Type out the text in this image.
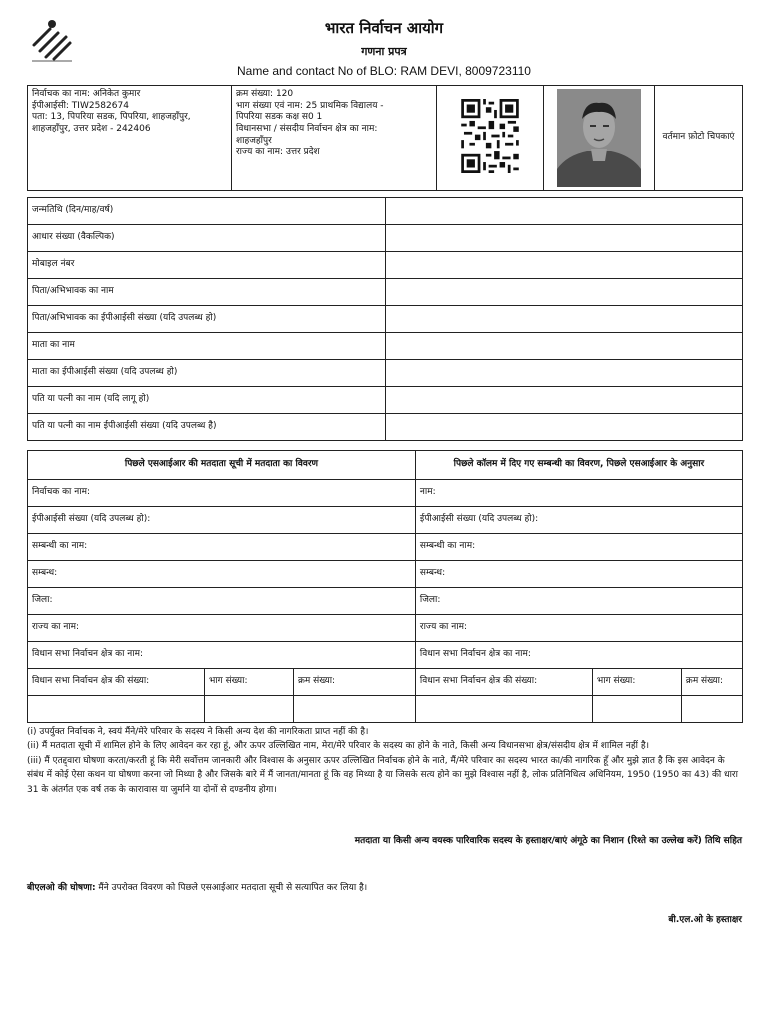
भारत निर्वाचन आयोग
गणना प्रपत्र
Name and contact No of BLO: RAM DEVI, 8009723110
निर्वाचक का नाम: अनिकेत कुमार
ईपीआईसी: TIW2582674
पता: 13, पिपरिया सडक, पिपरिया, शाहजहाँपुर,
शाहजहाँपुर, उत्तर प्रदेश - 242406

क्रम संख्या: 120
भाग संख्या एवं नाम: 25 प्राथमिक विद्यालय -
पिपरिया सडक कक्ष स0 1
विधानसभा / संसदीय निर्वाचन क्षेत्र का नाम:
शाहजहाँपुर
राज्य का नाम: उत्तर प्रदेश

	वर्तमान फ़ोटो चिपकाएं
जन्मतिथि (दिन/माह/वर्ष)	
आधार संख्या (वैकल्पिक)	
मोबाइल नंबर	
पिता/अभिभावक का नाम	
पिता/अभिभावक का ईपीआईसी संख्या (यदि उपलब्ध हो)	
माता का नाम	
माता का ईपीआईसी संख्या (यदि उपलब्ध हो)	
पति या पत्नी का नाम (यदि लागू हो)	
पति या पत्नी का नाम ईपीआईसी संख्या (यदि उपलब्ध है)	
पिछले एसआईआर की मतदाता सूची में मतदाता का विवरण			पिछले कॉलम में दिए गए सम्बन्धी का विवरण, पिछले एसआईआर के अनुसार		
निर्वाचक का नाम:			नाम:		
ईपीआईसी संख्या (यदि उपलब्ध हो):			ईपीआईसी संख्या (यदि उपलब्ध हो):		
सम्बन्धी का नाम:			सम्बन्धी का नाम:		
सम्बन्ध:			सम्बन्ध:		
जिला:			जिला:		
राज्य का नाम:			राज्य का नाम:		
विधान सभा निर्वाचन क्षेत्र का नाम:			विधान सभा निर्वाचन क्षेत्र का नाम:		
विधान सभा निर्वाचन क्षेत्र की संख्या:	भाग संख्या:	क्रम संख्या:	विधान सभा निर्वाचन क्षेत्र की संख्या:	भाग संख्या:	क्रम संख्या:

(i) उपर्युक्त निर्वाचक ने, स्वयं मैंने/मेरे परिवार के सदस्य ने किसी अन्य देश की नागरिकता प्राप्त नहीं की है।

(ii) मैं मतदाता सूची में शामिल होने के लिए आवेदन कर रहा हूं, और ऊपर उल्लिखित नाम, मेरा/मेरे परिवार के सदस्य का होने के नाते, किसी अन्य विधानसभा क्षेत्र/संसदीय क्षेत्र में शामिल नहीं है।

(iii) मैं एतद्द्वारा घोषणा करता/करती हूं कि मेरी सर्वोत्तम जानकारी और विश्वास के अनुसार ऊपर उल्लिखित निर्वाचक होने के नाते, मैं/मेरे परिवार का सदस्य भारत का/की नागरिक हूँ और मुझे ज्ञात है कि इस आवेदन के संबंध में कोई ऐसा कथन या घोषणा करना जो मिथ्या है और जिसके बारे में मैं जानता/मानता हूं कि वह मिथ्या है या जिसके सत्य होने का मुझे विश्वास नहीं है, लोक प्रतिनिधित्व अधिनियम, 1950 (1950 का 43) की धारा 31 के अंतर्गत एक वर्ष तक के कारावास या जुर्माने या दोनों से दण्डनीय होगा।

मतदाता या किसी अन्य वयस्क पारिवारिक सदस्य के हस्ताक्षर/बाएं अंगूठे का निशान (रिश्ते का उल्लेख करें) तिथि सहित
बीएलओ की घोषणा: मैंने उपरोक्त विवरण को पिछले एसआईआर मतदाता सूची से सत्यापित कर लिया है।
बी.एल.ओ के हस्ताक्षर
